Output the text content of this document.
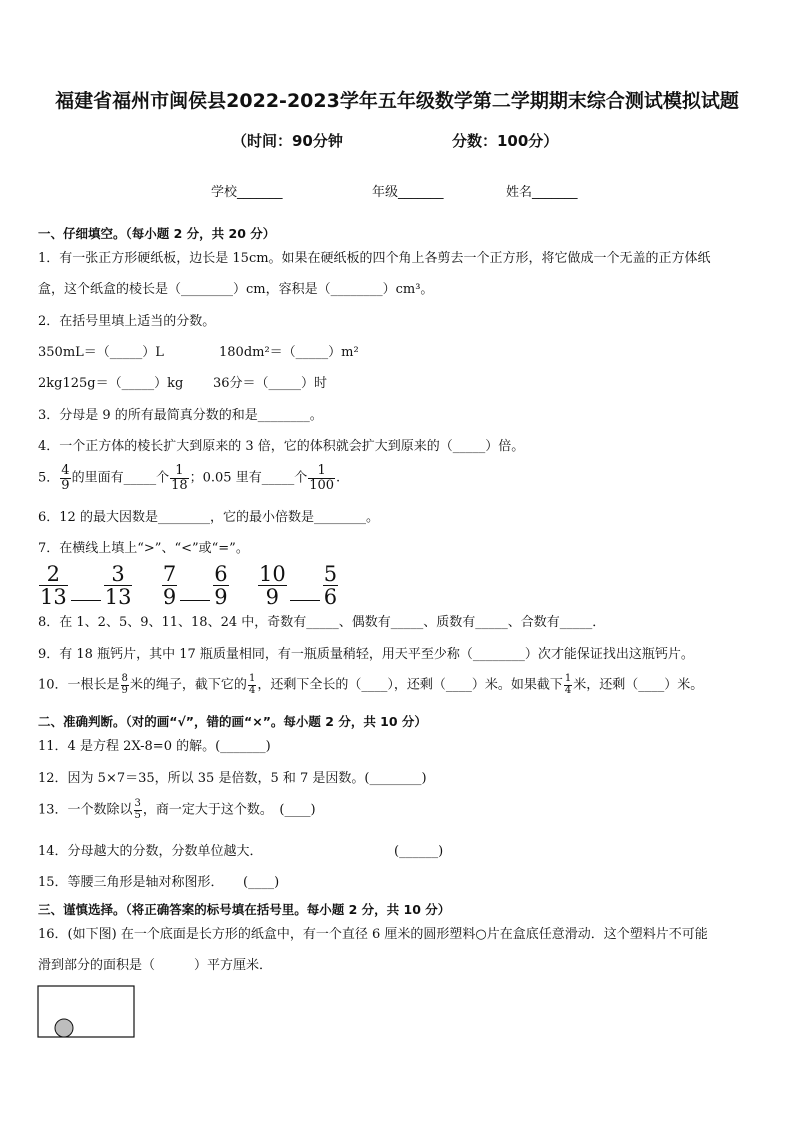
福建省福州市闽侯县2022-2023学年五年级数学第二学期期末综合测试模拟试题
（时间：90分钟	分数：100分）
学校_______	年级_______	姓名_______
一、仔细填空。（每小题 2 分，共 20 分）
1．有一张正方形硬纸板，边长是 15cm。如果在硬纸板的四个角上各剪去一个正方形，将它做成一个无盖的正方体纸
盒，这个纸盒的棱长是（________）cm，容积是（________）cm³。
2．在括号里填上适当的分数。
350mL＝（_____）L	180dm²＝（_____）m²
2kg125g＝（_____）kg 36分＝（_____）时
3．分母是 9 的所有最简真分数的和是________。
4．一个正方体的棱长扩大到原来的 3 倍，它的体积就会扩大到原来的（_____）倍。
5． $\frac{4}{9}$ 的里面有_____个 $\frac{1}{18}$ ；0.05 里有_____个 $\frac{1}{100}$ .
6．12 的最大因数是________，它的最小倍数是________。
7．在横线上填上“>”、“<”或“=”。
$\frac{2}{13} \frac{3}{13}$
$\frac{7}{9} \frac{6}{9}$
$\frac{10}{9} \frac{5}{6}$
8．在 1、2、5、9、11、18、24 中，奇数有_____、偶数有_____、质数有_____、合数有_____．
9．有 18 瓶钙片，其中 17 瓶质量相同，有一瓶质量稍轻，用天平至少称（________）次才能保证找出这瓶钙片。
10．一根长是 $\frac{8}{9}$ 米的绳子，截下它的 $\frac{1}{4}$ ，还剩下全长的（____），还剩（____）米。如果截下 $\frac{1}{4}$ 米，还剩（____）米。
二、准确判断。（对的画“√”，错的画“×”。每小题 2 分，共 10 分）
11．4 是方程 2X-8=0 的解。(_______)
12．因为 5×7＝35，所以 35 是倍数，5 和 7 是因数。(________)
13．一个数除以 $\frac{3}{5}$ ，商一定大于这个数。　(____)
14．分母越大的分数，分数单位越大．	(______)
15．等腰三角形是轴对称图形．　　(____)
三、谨慎选择。（将正确答案的标号填在括号里。每小题 2 分，共 10 分）
16．(如下图) 在一个底面是长方形的纸盒中，有一个直径 6 厘米的圆形塑料○片在盒底任意滑动．这个塑料片不可能
滑到部分的面积是（　　　）平方厘米．
